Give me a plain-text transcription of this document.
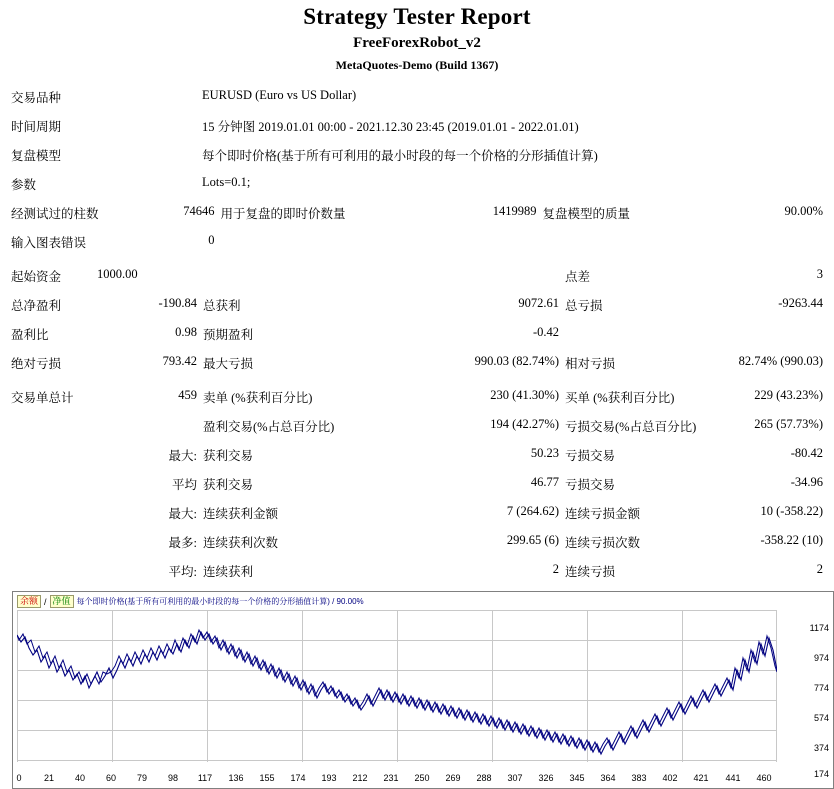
Strategy Tester Report
FreeForexRobot_v2
MetaQuotes-Demo (Build 1367)
交易品种	EURUSD (Euro vs US Dollar)

时间周期	15 分钟图 2019.01.01 00:00 - 2021.12.30 23:45 (2019.01.01 - 2022.01.01)

复盘模型	每个即时价格(基于所有可利用的最小时段的每一个价格的分形插值计算)

参数	Lots=0.1;
经测试过的柱数	74646	用于复盘的即时价数量	1419989	复盘模型的质量	90.00%

输入图表错误	0				
起始资金	1000.00			点差	3

总净盈利	-190.84	总获利	9072.61	总亏损	-9263.44

盈利比	0.98	预期盈利	-0.42		

绝对亏损	793.42	最大亏损	990.03 (82.74%)	相对亏损	82.74% (990.03)
交易单总计	459	卖单 (%获利百分比)	230 (41.30%)	买单 (%获利百分比)	229 (43.23%)

		盈利交易(%占总百分比)	194 (42.27%)	亏损交易(%占总百分比)	265 (57.73%)

	最大:	获利交易	50.23	亏损交易	-80.42

	平均	获利交易	46.77	亏损交易	-34.96

	最大:	连续获利金额	7 (264.62)	连续亏损金额	10 (-358.22)

	最多:	连续获利次数	299.65 (6)	连续亏损次数	-358.22 (10)

	平均:	连续获利	2	连续亏损	2
余额 / 净值 每个即时价格(基于所有可利用的最小时段的每一个价格的分形插值计算) / 90.00%
1174
974
774
574
374
174
0 21 40 60 79 98 117 136 155 174 193 212 231 250 269 288 307 326 345 364 383 402 421 441 460
